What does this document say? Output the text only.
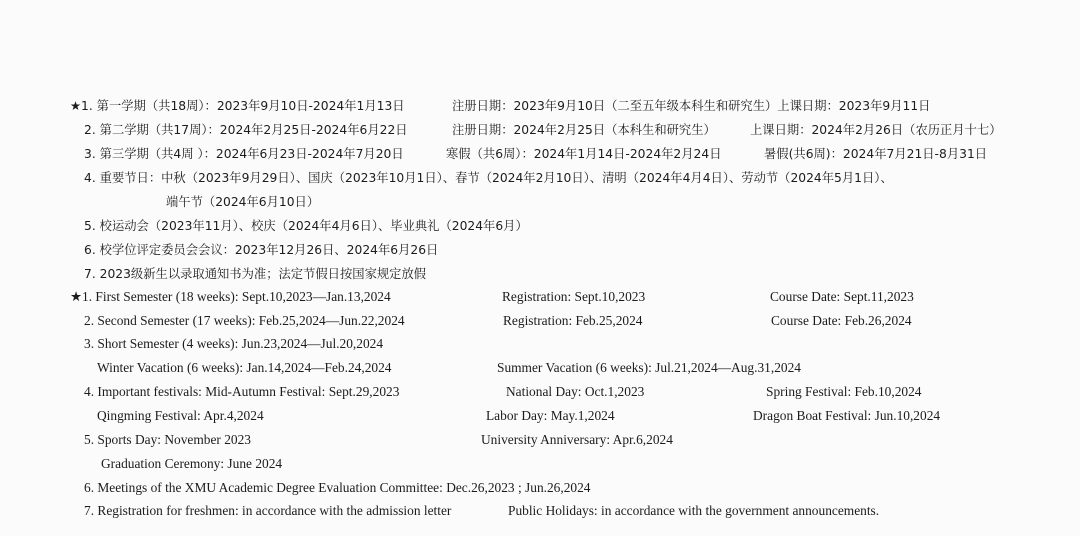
★1. 第一学期（共18周）：2023年9月10日-2024年1月13日	注册日期：2023年9月10日（二至五年级本科生和研究生）上课日期：2023年9月11日
2. 第二学期（共17周）：2024年2月25日-2024年6月22日	注册日期：2024年2月25日（本科生和研究生）	上课日期：2024年2月26日（农历正月十七）
3. 第三学期（共4周 ）：2024年6月23日-2024年7月20日	寒假（共6周）：2024年1月14日-2024年2月24日	暑假(共6周)：2024年7月21日-8月31日
4. 重要节日：中秋（2023年9月29日）、国庆（2023年10月1日）、春节（2024年2月10日）、清明（2024年4月4日）、劳动节（2024年5月1日）、
端午节（2024年6月10日）
5. 校运动会（2023年11月）、校庆（2024年4月6日）、毕业典礼（2024年6月）
6. 校学位评定委员会会议：2023年12月26日、2024年6月26日
7. 2023级新生以录取通知书为准；法定节假日按国家规定放假
★1. First Semester (18 weeks): Sept.10,2023—Jan.13,2024	Registration: Sept.10,2023	Course Date: Sept.11,2023
2. Second Semester (17 weeks): Feb.25,2024—Jun.22,2024	Registration: Feb.25,2024	Course Date: Feb.26,2024
3. Short Semester (4 weeks): Jun.23,2024—Jul.20,2024
Winter Vacation (6 weeks): Jan.14,2024—Feb.24,2024	Summer Vacation (6 weeks): Jul.21,2024—Aug.31,2024
4. Important festivals: Mid-Autumn Festival: Sept.29,2023	National Day: Oct.1,2023	Spring Festival: Feb.10,2024
Qingming Festival: Apr.4,2024	Labor Day: May.1,2024	Dragon Boat Festival: Jun.10,2024
5. Sports Day: November 2023	University Anniversary: Apr.6,2024
Graduation Ceremony: June 2024
6. Meetings of the XMU Academic Degree Evaluation Committee: Dec.26,2023 ; Jun.26,2024
7. Registration for freshmen: in accordance with the admission letter	Public Holidays: in accordance with the government announcements.
